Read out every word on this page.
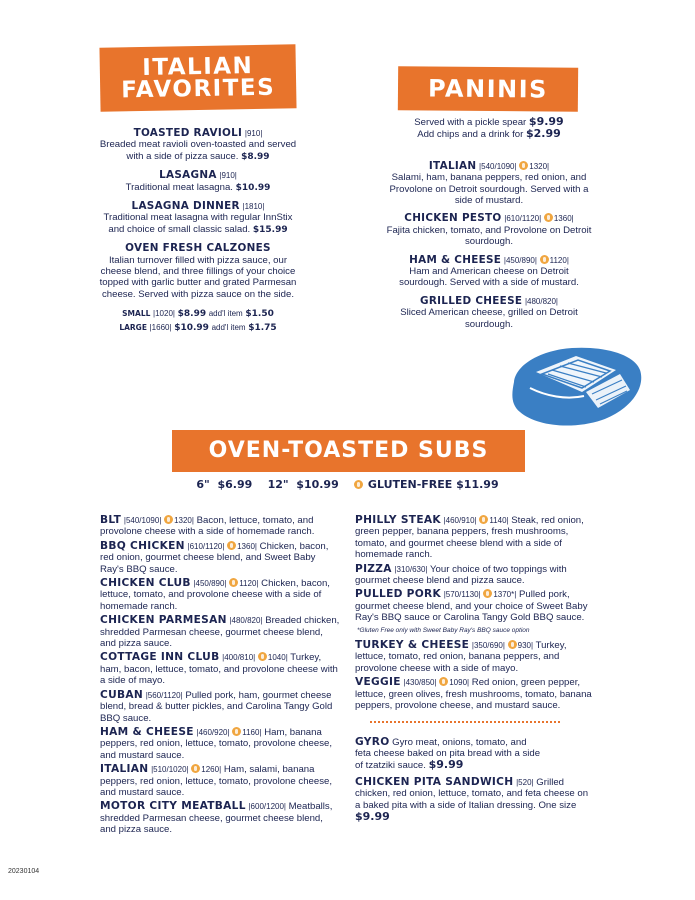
ITALIAN
FAVORITES	PANINIS
TOASTED RAVIOLI |910|
Breaded meat ravioli oven-toasted and served with a side of pizza sauce. $8.99
LASAGNA |910|
Traditional meat lasagna. $10.99
LASAGNA DINNER |1810|
Traditional meat lasagna with regular InnStix and choice of small classic salad. $15.99
OVEN FRESH CALZONES
Italian turnover filled with pizza sauce, our cheese blend, and three fillings of your choice topped with garlic butter and grated Parmesan cheese. Served with pizza sauce on the side.
SMALL |1020| $8.99 add'l item $1.50
LARGE |1660| $10.99 add'l item $1.75
Served with a pickle spear $9.99
Add chips and a drink for $2.99
ITALIAN |540/1090| 1320|
Salami, ham, banana peppers, red onion, and Provolone on Detroit sourdough. Served with a side of mustard.
CHICKEN PESTO |610/1120| 1360|
Fajita chicken, tomato, and Provolone on Detroit sourdough.
HAM & CHEESE |450/890| 1120|
Ham and American cheese on Detroit sourdough. Served with a side of mustard.
GRILLED CHEESE |480/820|
Sliced American cheese, grilled on Detroit sourdough.
OVEN-TOASTED SUBS
6" $6.99 12" $10.99	GLUTEN-FREE $11.99
BLT |540/1090| 1320| Bacon, lettuce, tomato, and provolone cheese with a side of homemade ranch.
BBQ CHICKEN |610/1120| 1360| Chicken, bacon, red onion, gourmet cheese blend, and Sweet Baby Ray's BBQ sauce.
CHICKEN CLUB |450/890| 1120| Chicken, bacon, lettuce, tomato, and provolone cheese with a side of homemade ranch.
CHICKEN PARMESAN |480/820| Breaded chicken, shredded Parmesan cheese, gourmet cheese blend, and pizza sauce.
COTTAGE INN CLUB |400/810| 1040| Turkey, ham, bacon, lettuce, tomato, and provolone cheese with a side of mayo.
CUBAN |560/1120| Pulled pork, ham, gourmet cheese blend, bread & butter pickles, and Carolina Tangy Gold BBQ sauce.
HAM & CHEESE |460/920| 1160| Ham, banana peppers, red onion, lettuce, tomato, provolone cheese, and mustard sauce.
ITALIAN |510/1020| 1260| Ham, salami, banana peppers, red onion, lettuce, tomato, provolone cheese, and mustard sauce.
MOTOR CITY MEATBALL |600/1200| Meatballs, shredded Parmesan cheese, gourmet cheese blend, and pizza sauce.
PHILLY STEAK |460/910| 1140| Steak, red onion, green pepper, banana peppers, fresh mushrooms, tomato, and gourmet cheese blend with a side of homemade ranch.
PIZZA |310/630| Your choice of two toppings with gourmet cheese blend and pizza sauce.
PULLED PORK |570/1130| 1370*| Pulled pork, gourmet cheese blend, and your choice of Sweet Baby Ray's BBQ sauce or Carolina Tangy Gold BBQ sauce.
*Gluten Free only with Sweet Baby Ray's BBQ sauce option
TURKEY & CHEESE |350/690| 930| Turkey, lettuce, tomato, red onion, banana peppers, and provolone cheese with a side of mayo.
VEGGIE |430/850| 1090| Red onion, green pepper, lettuce, green olives, fresh mushrooms, tomato, banana peppers, provolone cheese, and mustard sauce.
GYRO Gyro meat, onions, tomato, and feta cheese baked on pita bread with a side of tzatziki sauce. $9.99
CHICKEN PITA SANDWICH |520| Grilled chicken, red onion, lettuce, tomato, and feta cheese on a baked pita with a side of Italian dressing. One size $9.99
20230104
